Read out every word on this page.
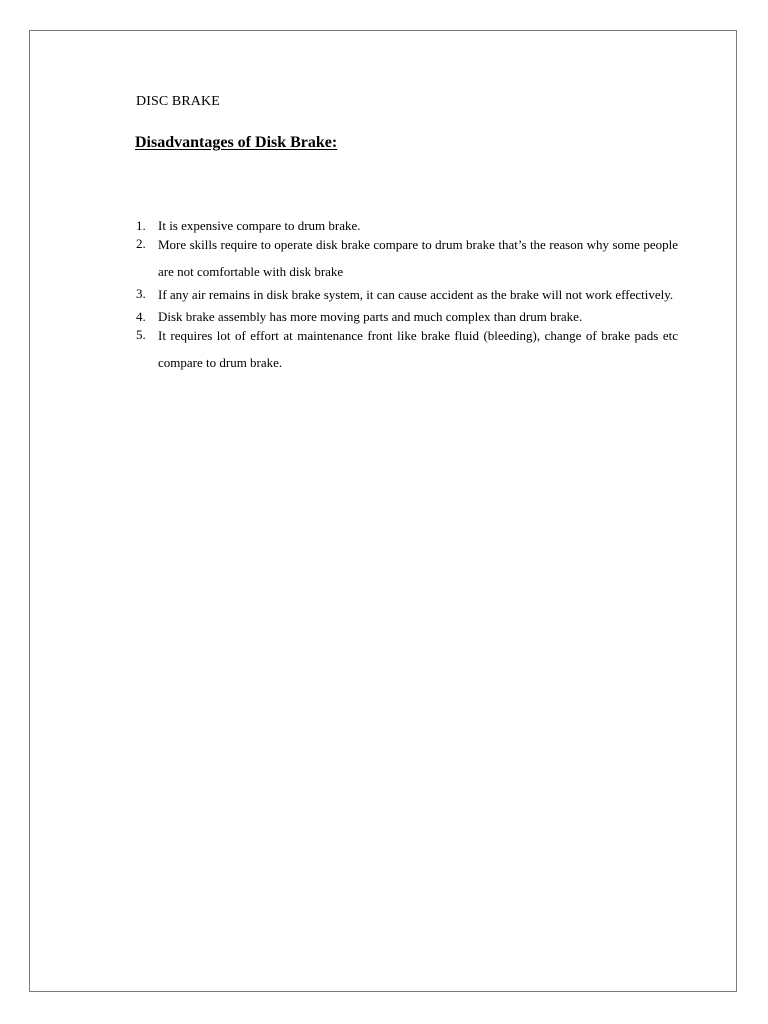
DISC BRAKE
Disadvantages of Disk Brake:
1. It is expensive compare to drum brake.
2. More skills require to operate disk brake compare to drum brake that’s the reason why some people are not comfortable with disk brake
3. If any air remains in disk brake system, it can cause accident as the brake will not work effectively.
4. Disk brake assembly has more moving parts and much complex than drum brake.
5. It requires lot of effort at maintenance front like brake fluid (bleeding), change of brake pads etc compare to drum brake.
